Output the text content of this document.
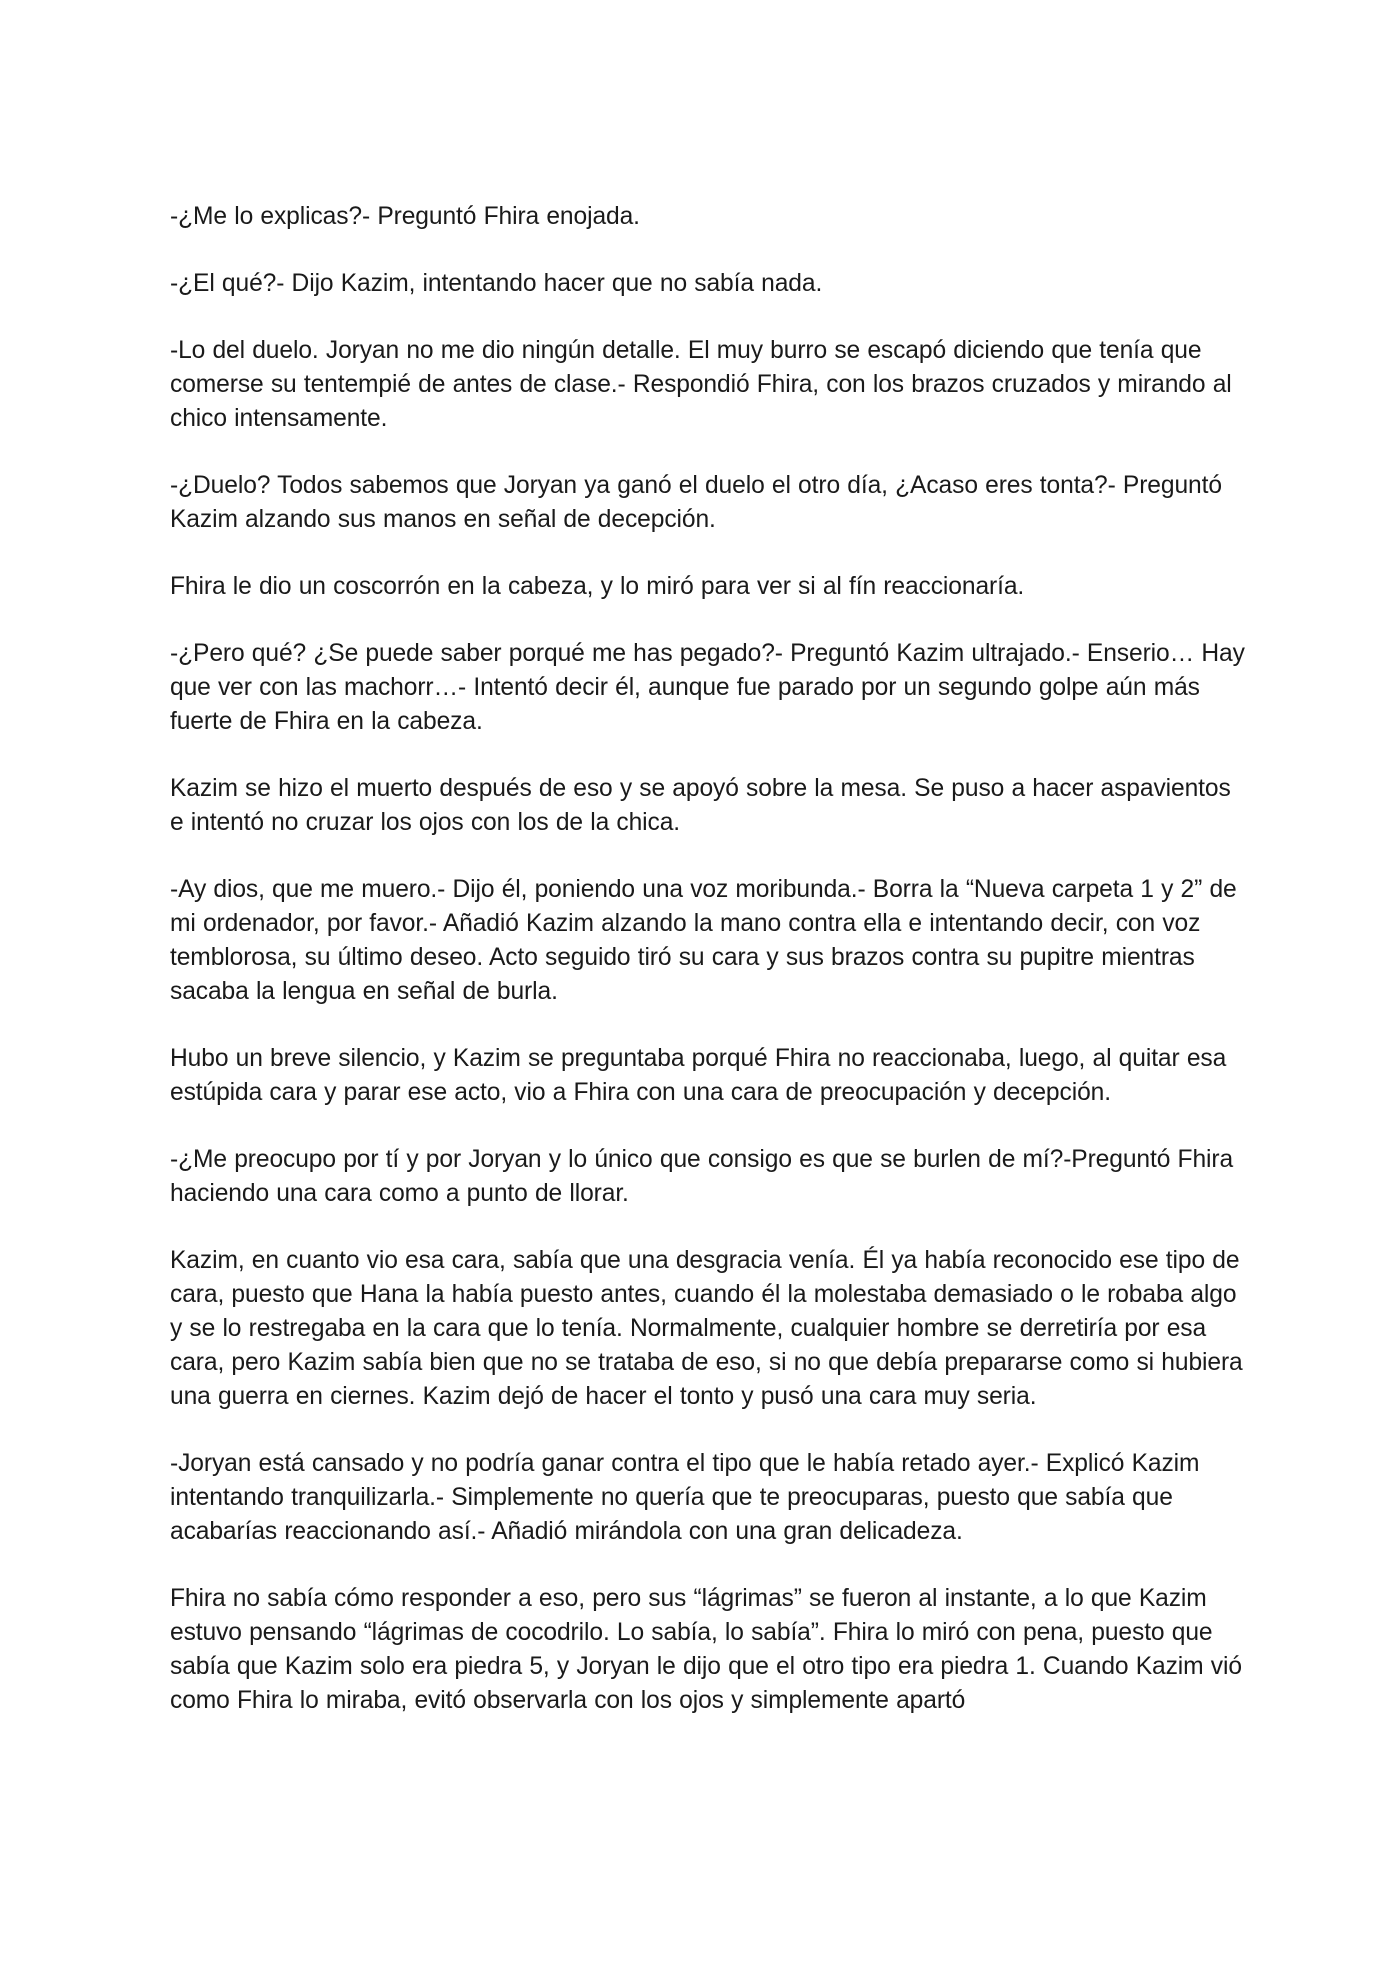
-¿Me lo explicas?- Preguntó Fhira enojada.

-¿El qué?- Dijo Kazim, intentando hacer que no sabía nada.

-Lo del duelo. Joryan no me dio ningún detalle. El muy burro se escapó diciendo que tenía que comerse su tentempié de antes de clase.- Respondió Fhira, con los brazos cruzados y mirando al chico intensamente.

-¿Duelo? Todos sabemos que Joryan ya ganó el duelo el otro día, ¿Acaso eres tonta?- Preguntó Kazim alzando sus manos en señal de decepción.

Fhira le dio un coscorrón en la cabeza, y lo miró para ver si al fín reaccionaría.

-¿Pero qué? ¿Se puede saber porqué me has pegado?- Preguntó Kazim ultrajado.- Enserio… Hay que ver con las machorr…- Intentó decir él, aunque fue parado por un segundo golpe aún más fuerte de Fhira en la cabeza.

Kazim se hizo el muerto después de eso y se apoyó sobre la mesa. Se puso a hacer aspavientos e intentó no cruzar los ojos con los de la chica.

-Ay dios, que me muero.- Dijo él, poniendo una voz moribunda.- Borra la “Nueva carpeta 1 y 2” de mi ordenador, por favor.- Añadió Kazim alzando la mano contra ella e intentando decir, con voz temblorosa, su último deseo. Acto seguido tiró su cara y sus brazos contra su pupitre mientras sacaba la lengua en señal de burla.

Hubo un breve silencio, y Kazim se preguntaba porqué Fhira no reaccionaba, luego, al quitar esa estúpida cara y parar ese acto, vio a Fhira con una cara de preocupación y decepción.

-¿Me preocupo por tí y por Joryan y lo único que consigo es que se burlen de mí?-Preguntó Fhira haciendo una cara como a punto de llorar.

Kazim, en cuanto vio esa cara, sabía que una desgracia venía. Él ya había reconocido ese tipo de cara, puesto que Hana la había puesto antes, cuando él la molestaba demasiado o le robaba algo y se lo restregaba en la cara que lo tenía. Normalmente, cualquier hombre se derretiría por esa cara, pero Kazim sabía bien que no se trataba de eso, si no que debía prepararse como si hubiera una guerra en ciernes. Kazim dejó de hacer el tonto y pusó una cara muy seria.

-Joryan está cansado y no podría ganar contra el tipo que le había retado ayer.- Explicó Kazim intentando tranquilizarla.- Simplemente no quería que te preocuparas, puesto que sabía que acabarías reaccionando así.- Añadió mirándola con una gran delicadeza.

Fhira no sabía cómo responder a eso, pero sus “lágrimas” se fueron al instante, a lo que Kazim estuvo pensando “lágrimas de cocodrilo. Lo sabía, lo sabía”. Fhira lo miró con pena, puesto que sabía que Kazim solo era piedra 5, y Joryan le dijo que el otro tipo era piedra 1. Cuando Kazim vió como Fhira lo miraba, evitó observarla con los ojos y simplemente apartó
